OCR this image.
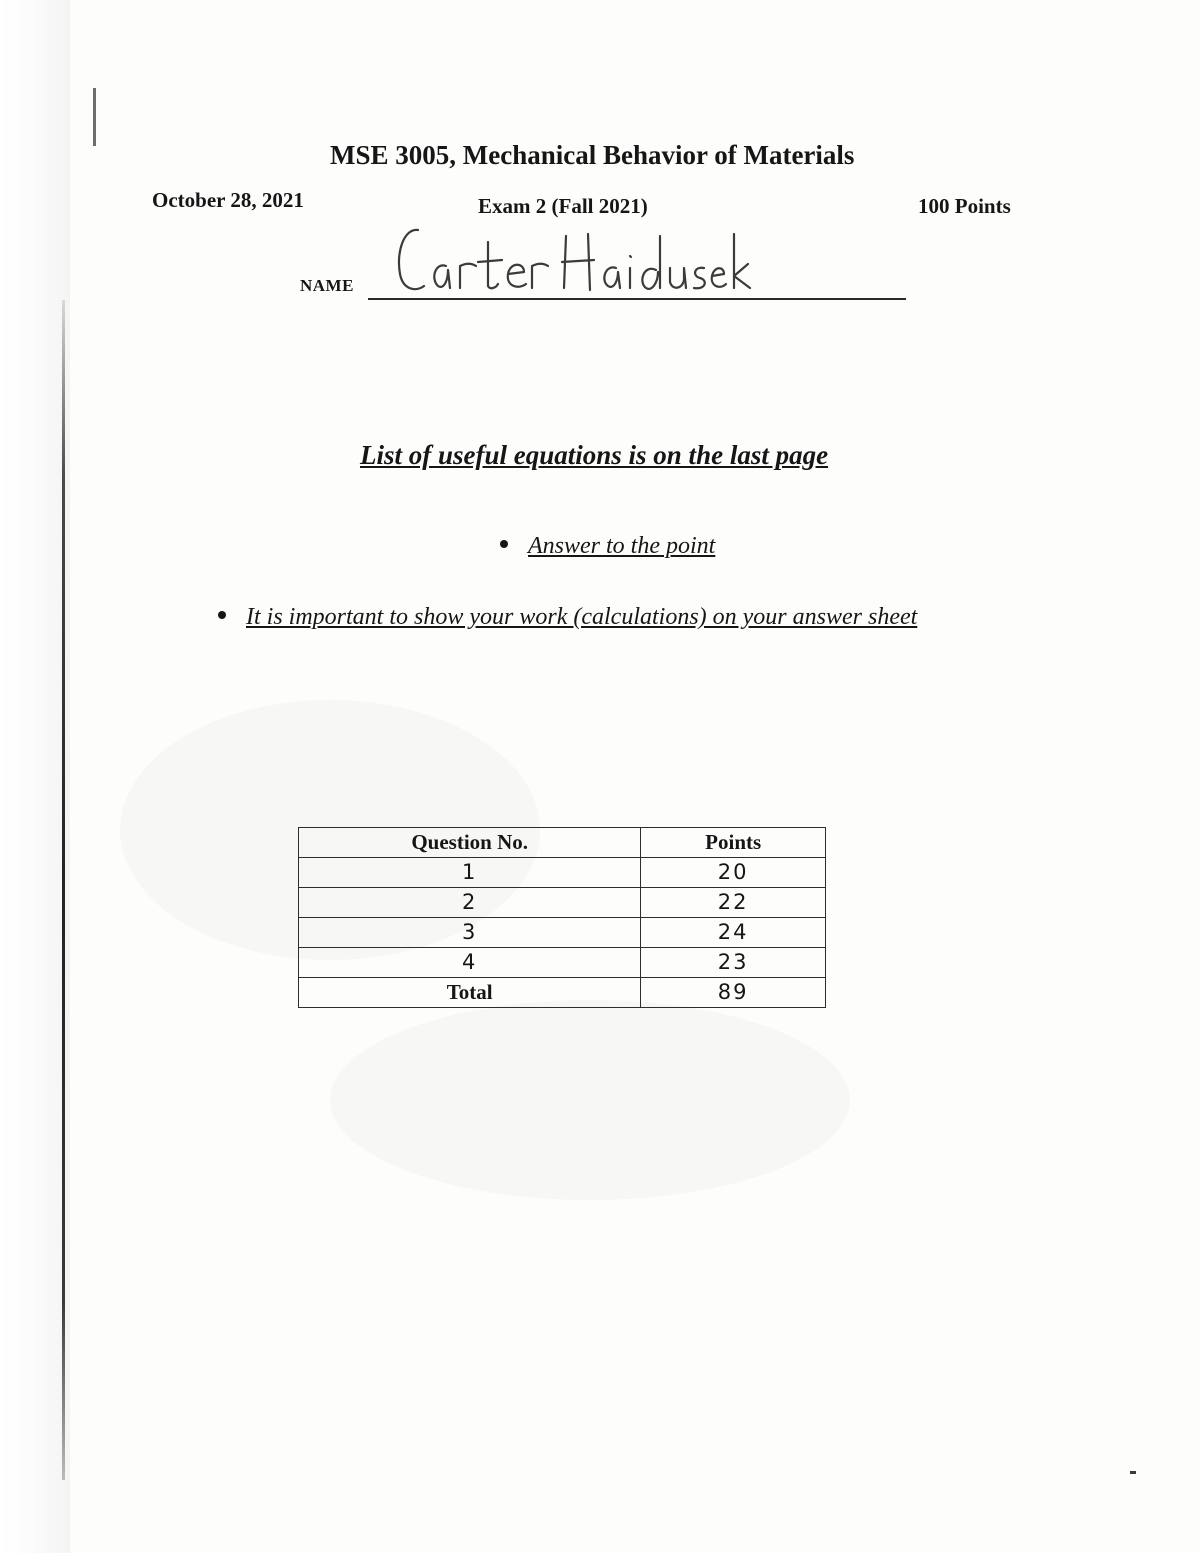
MSE 3005, Mechanical Behavior of Materials
October 28, 2021	Exam 2 (Fall 2021)	100 Points
NAME
List of useful equations is on the last page
Answer to the point
It is important to show your work (calculations) on your answer sheet
Question No.	Points
1	20
2	22
3	24
4	23
Total	89
